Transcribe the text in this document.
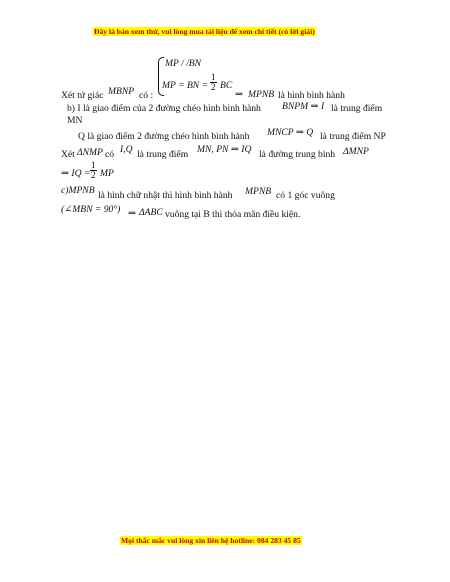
Đây là bản xem thử, vui lòng mua tài liệu để xem chi tiết (có lời giải)
MP / /BN
MP = BN = $\frac{1}{2}$ BC
Xét tứ giác MBNP có :	⇒ MPNB là hình bình hành
b) I là giao điểm của 2 đường chéo hình bình hành BNPM ⇒ I là trung điểm
MN
Q là giao điểm 2 đường chéo hình bình hành MNCP ⇒ Q là trung điểm NP
Xét ΔNMP có I,Q là trung điểm MN, PN ⇒ IQ là đường trung bình ΔMNP
⇒ IQ = $\frac{1}{2}$ MP
c)MPNB là hình chữ nhật thì hình bình hành MPNB có 1 góc vuông
(∠MBN = 90°) ⇒ ΔABC vuông tại B thì thỏa mãn điều kiện.
Mọi thắc mắc vui lòng xin liên hệ hotline: 084 283 45 85
